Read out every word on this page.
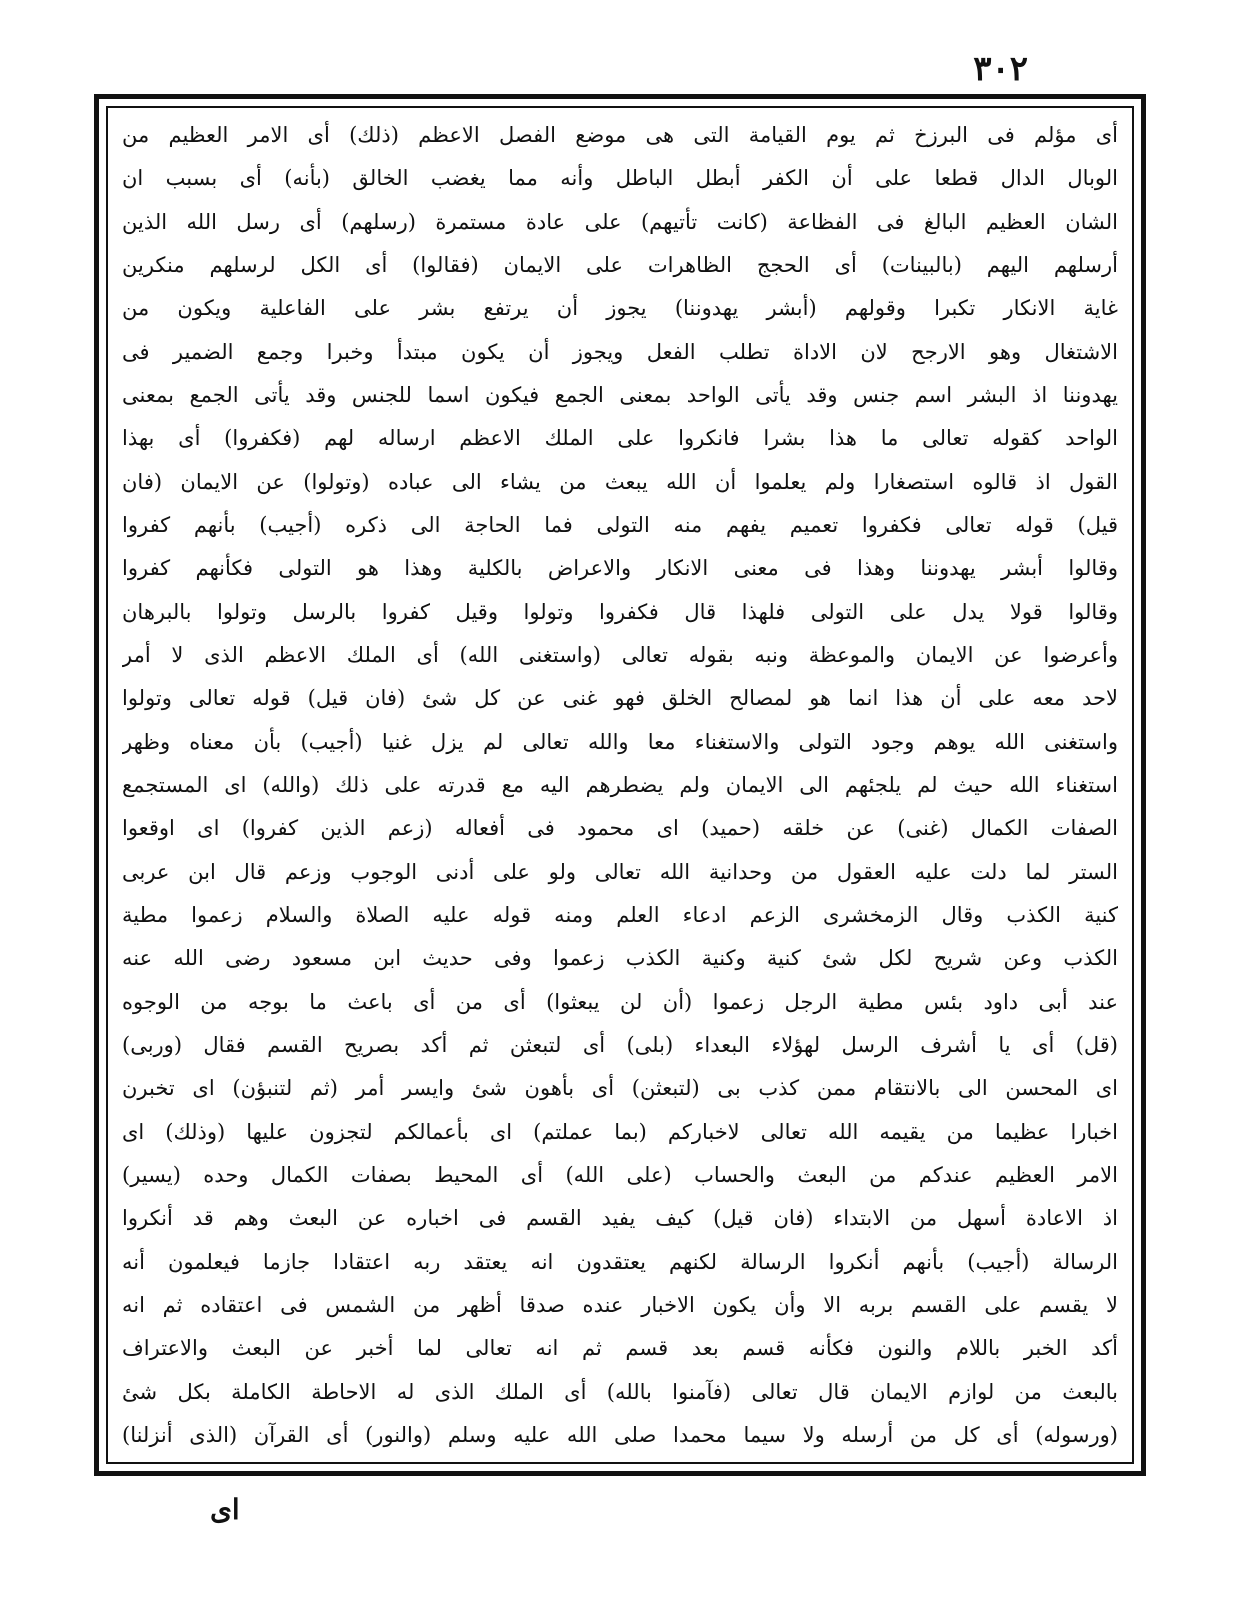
٣٠٢
أى مؤلم فى البرزخ ثم يوم القيامة التى هى موضع الفصل الاعظم (ذلك) أى الامر العظيم من
الوبال الدال قطعا على أن الكفر أبطل الباطل وأنه مما يغضب الخالق (بأنه) أى بسبب ان
الشان العظيم البالغ فى الفظاعة (كانت تأتيهم) على عادة مستمرة (رسلهم) أى رسل الله الذين
أرسلهم اليهم (بالبينات) أى الحجج الظاهرات على الايمان (فقالوا) أى الكل لرسلهم منكرين
غاية الانكار تكبرا وقولهم (أبشر يهدوننا) يجوز أن يرتفع بشر على الفاعلية ويكون من
الاشتغال وهو الارجح لان الاداة تطلب الفعل ويجوز أن يكون مبتدأ وخبرا وجمع الضمير فى
يهدوننا اذ البشر اسم جنس وقد يأتى الواحد بمعنى الجمع فيكون اسما للجنس وقد يأتى الجمع بمعنى
الواحد كقوله تعالى ما هذا بشرا فانكروا على الملك الاعظم ارساله لهم (فكفروا) أى بهذا
القول اذ قالوه استصغارا ولم يعلموا أن الله يبعث من يشاء الى عباده (وتولوا) عن الايمان (فان
قيل) قوله تعالى فكفروا تعميم يفهم منه التولى فما الحاجة الى ذكره (أجيب) بأنهم كفروا
وقالوا أبشر يهدوننا وهذا فى معنى الانكار والاعراض بالكلية وهذا هو التولى فكأنهم كفروا
وقالوا قولا يدل على التولى فلهذا قال فكفروا وتولوا وقيل كفروا بالرسل وتولوا بالبرهان
وأعرضوا عن الايمان والموعظة ونبه بقوله تعالى (واستغنى الله) أى الملك الاعظم الذى لا أمر
لاحد معه على أن هذا انما هو لمصالح الخلق فهو غنى عن كل شئ (فان قيل) قوله تعالى وتولوا
واستغنى الله يوهم وجود التولى والاستغناء معا والله تعالى لم يزل غنيا (أجيب) بأن معناه وظهر
استغناء الله حيث لم يلجئهم الى الايمان ولم يضطرهم اليه مع قدرته على ذلك (والله) اى المستجمع
الصفات الكمال (غنى) عن خلقه (حميد) اى محمود فى أفعاله (زعم الذين كفروا) اى اوقعوا
الستر لما دلت عليه العقول من وحدانية الله تعالى ولو على أدنى الوجوب وزعم قال ابن عربى
كنية الكذب وقال الزمخشرى الزعم ادعاء العلم ومنه قوله عليه الصلاة والسلام زعموا مطية
الكذب وعن شريح لكل شئ كنية وكنية الكذب زعموا وفى حديث ابن مسعود رضى الله عنه
عند أبى داود بئس مطية الرجل زعموا (أن لن يبعثوا) أى من أى باعث ما بوجه من الوجوه
(قل) أى يا أشرف الرسل لهؤلاء البعداء (بلى) أى لتبعثن ثم أكد بصريح القسم فقال (وربى)
اى المحسن الى بالانتقام ممن كذب بى (لتبعثن) أى بأهون شئ وايسر أمر (ثم لتنبؤن) اى تخبرن
اخبارا عظيما من يقيمه الله تعالى لاخباركم (بما عملتم) اى بأعمالكم لتجزون عليها (وذلك) اى
الامر العظيم عندكم من البعث والحساب (على الله) أى المحيط بصفات الكمال وحده (يسير)
اذ الاعادة أسهل من الابتداء (فان قيل) كيف يفيد القسم فى اخباره عن البعث وهم قد أنكروا
الرسالة (أجيب) بأنهم أنكروا الرسالة لكنهم يعتقدون انه يعتقد ربه اعتقادا جازما فيعلمون أنه
لا يقسم على القسم بربه الا وأن يكون الاخبار عنده صدقا أظهر من الشمس فى اعتقاده ثم انه
أكد الخبر باللام والنون فكأنه قسم بعد قسم ثم انه تعالى لما أخبر عن البعث والاعتراف
بالبعث من لوازم الايمان قال تعالى (فآمنوا بالله) أى الملك الذى له الاحاطة الكاملة بكل شئ
(ورسوله) أى كل من أرسله ولا سيما محمدا صلى الله عليه وسلم (والنور) أى القرآن (الذى أنزلنا)
اى
